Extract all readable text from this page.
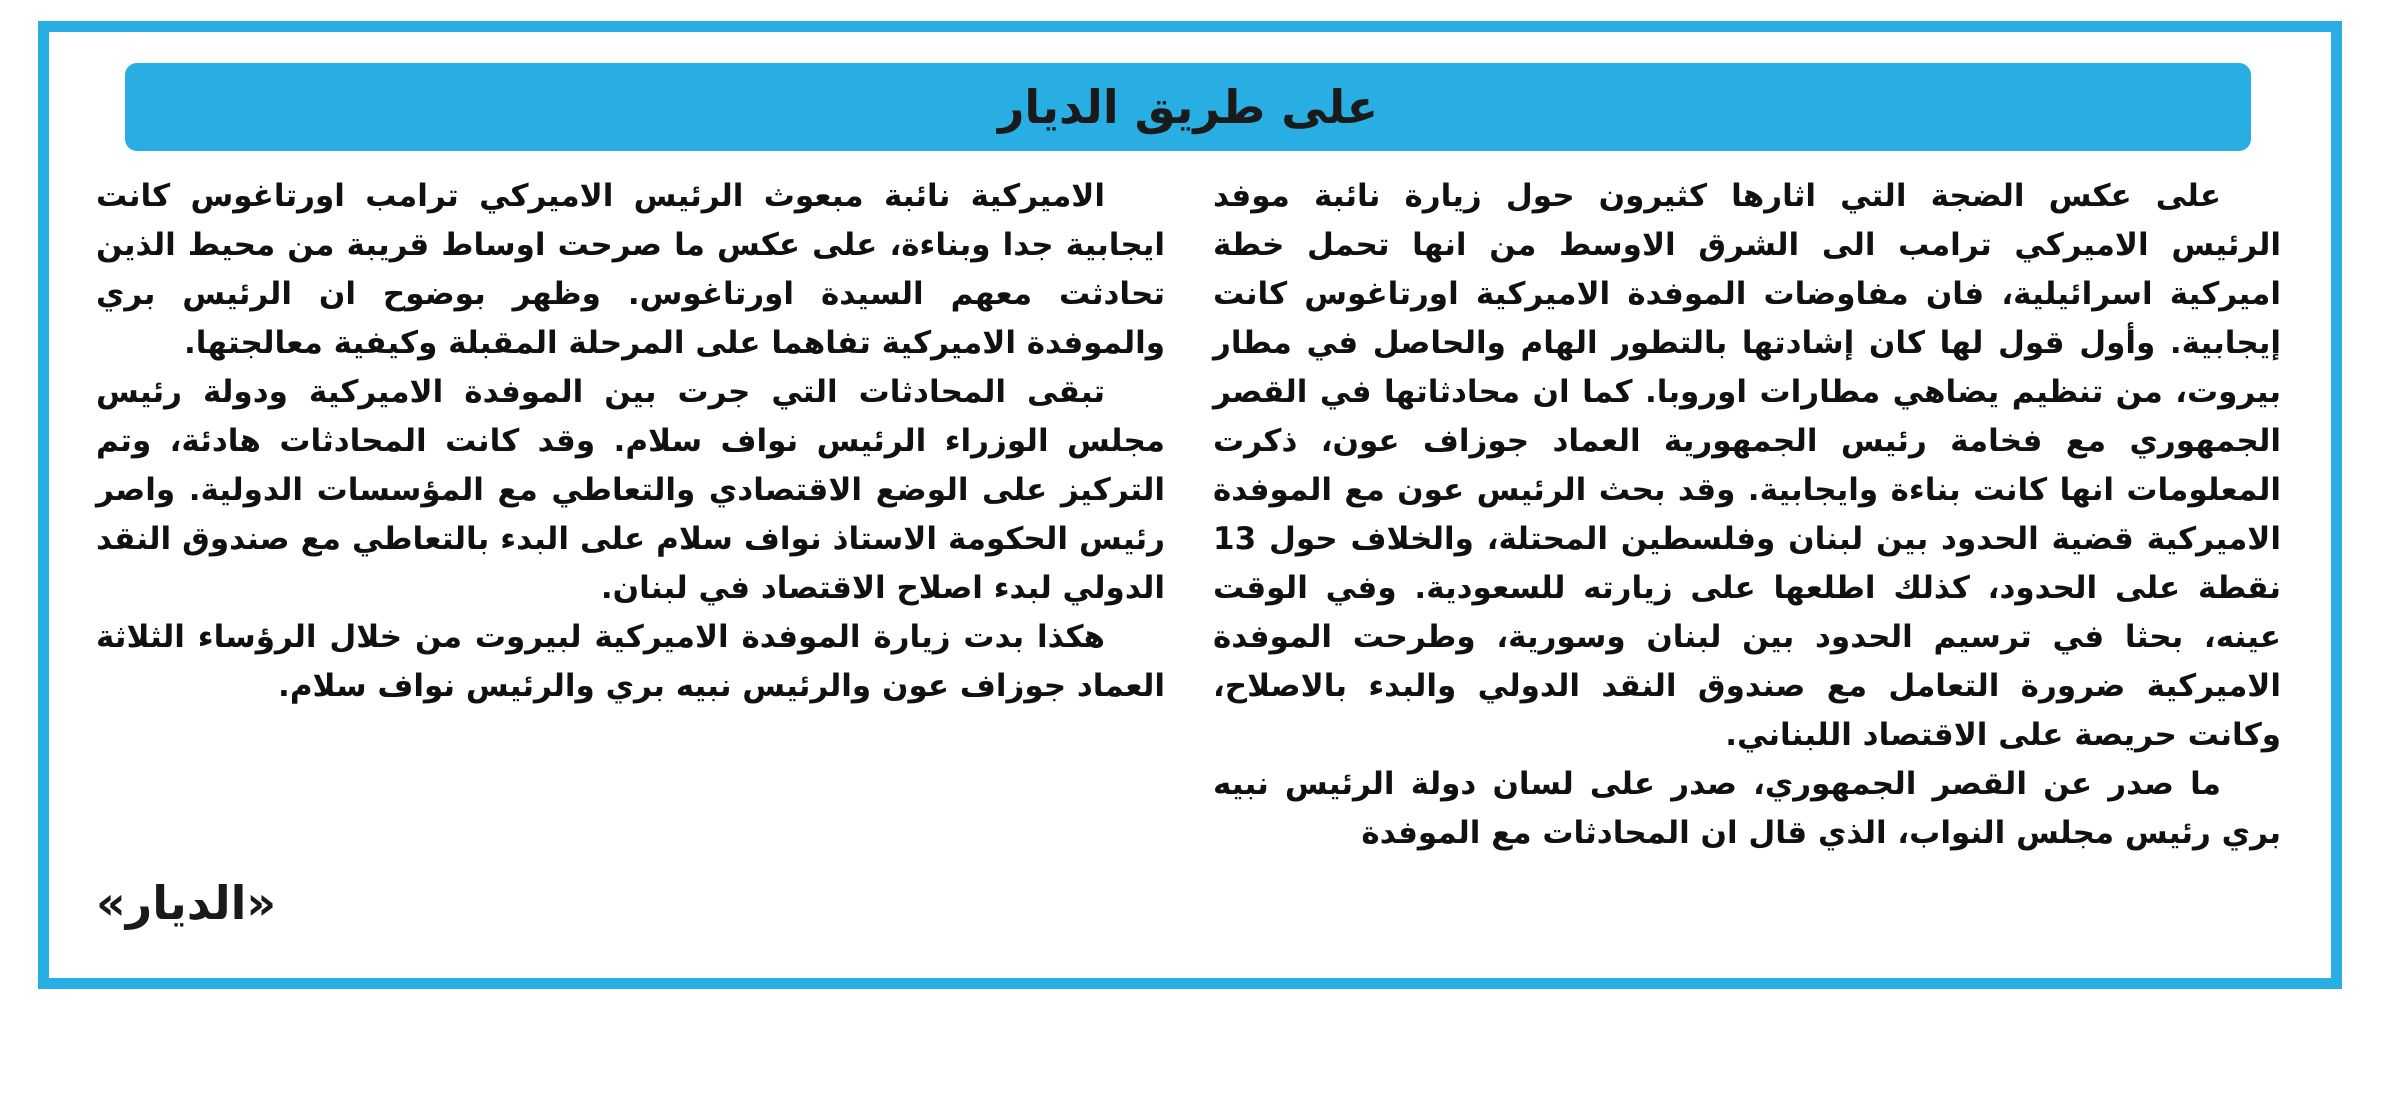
على طريق الديار

على عكس الضجة التي اثارها كثيرون حول زيارة نائبة موفد الرئيس الاميركي ترامب الى الشرق الاوسط من انها تحمل خطة اميركية اسرائيلية، فان مفاوضات الموفدة الاميركية اورتاغوس كانت إيجابية. وأول قول لها كان إشادتها بالتطور الهام والحاصل في مطار بيروت، من تنظيم يضاهي مطارات اوروبا. كما ان محادثاتها في القصر الجمهوري مع فخامة رئيس الجمهورية العماد جوزاف عون، ذكرت المعلومات انها كانت بناءة وايجابية. وقد بحث الرئيس عون مع الموفدة الاميركية قضية الحدود بين لبنان وفلسطين المحتلة، والخلاف حول 13 نقطة على الحدود، كذلك اطلعها على زيارته للسعودية. وفي الوقت عينه، بحثا في ترسيم الحدود بين لبنان وسورية، وطرحت الموفدة الاميركية ضرورة التعامل مع صندوق النقد الدولي والبدء بالاصلاح، وكانت حريصة على الاقتصاد اللبناني.

ما صدر عن القصر الجمهوري، صدر على لسان دولة الرئيس نبيه بري رئيس مجلس النواب، الذي قال ان المحادثات مع الموفدة

الاميركية نائبة مبعوث الرئيس الاميركي ترامب اورتاغوس كانت ايجابية جدا وبناءة، على عكس ما صرحت اوساط قريبة من محيط الذين تحادثت معهم السيدة اورتاغوس. وظهر بوضوح ان الرئيس بري والموفدة الاميركية تفاهما على المرحلة المقبلة وكيفية معالجتها.

تبقى المحادثات التي جرت بين الموفدة الاميركية ودولة رئيس مجلس الوزراء الرئيس نواف سلام. وقد كانت المحادثات هادئة، وتم التركيز على الوضع الاقتصادي والتعاطي مع المؤسسات الدولية. واصر رئيس الحكومة الاستاذ نواف سلام على البدء بالتعاطي مع صندوق النقد الدولي لبدء اصلاح الاقتصاد في لبنان.

هكذا بدت زيارة الموفدة الاميركية لبيروت من خلال الرؤساء الثلاثة العماد جوزاف عون والرئيس نبيه بري والرئيس نواف سلام.

«الديار»
